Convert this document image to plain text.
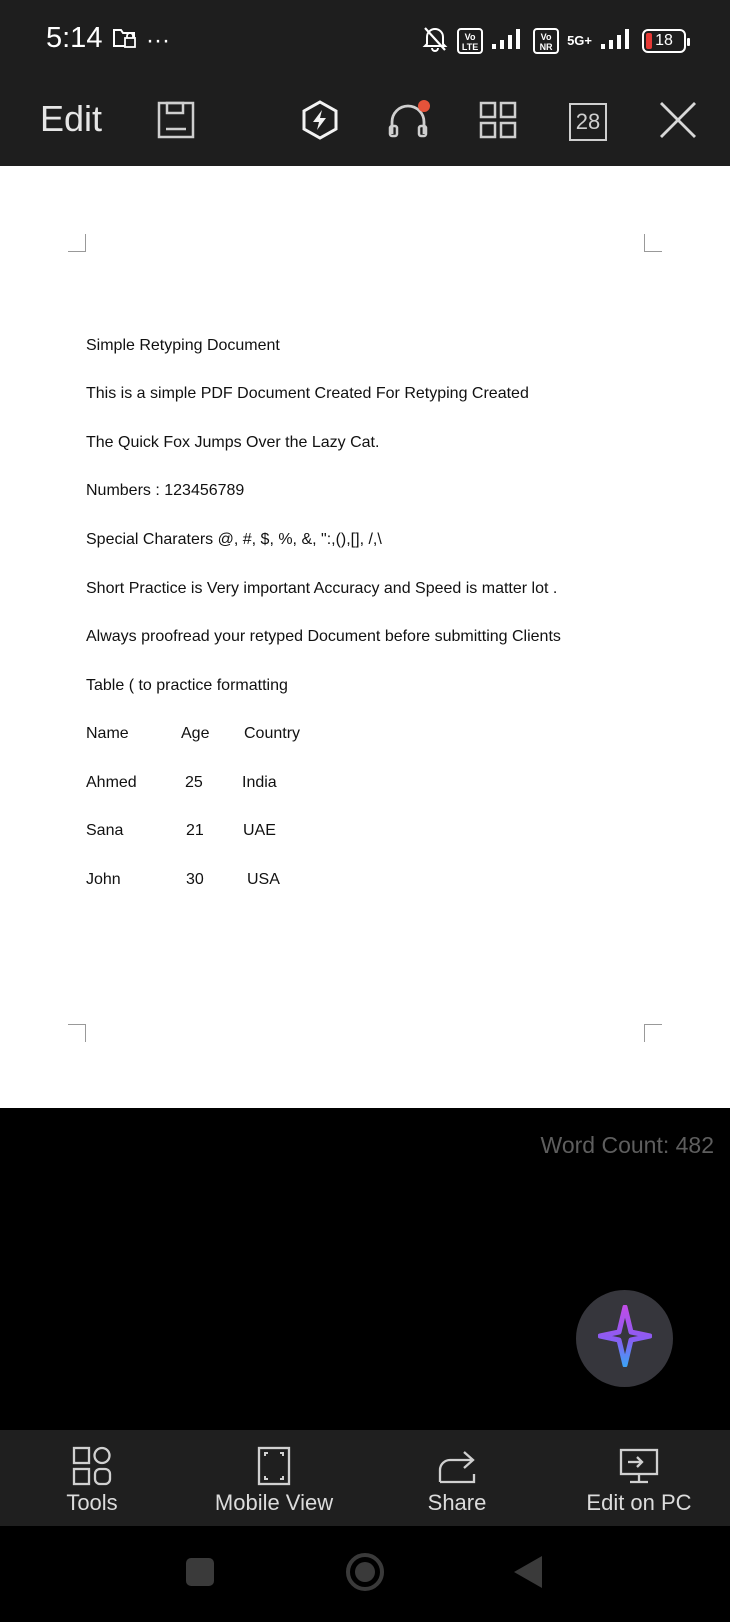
5:14 ···	Vo
LTE
Vo
NR	5G+	18
Edit	28
Simple Retyping Document
This is a simple PDF Document Created For Retyping Created
The Quick Fox Jumps Over the Lazy Cat.
Numbers : 123456789
Special Charaters @, #, $, %, &, ":,(),[], /,\
Short Practice is Very important Accuracy and Speed is matter lot .
Always proofread your retyped Document before submitting Clients
Table ( to practice formatting
Name	Age Country
Ahmed	25 India
Sana	21 UAE
John	30	USA
Word Count: 482
Tools	Mobile View	Share	Edit on PC
